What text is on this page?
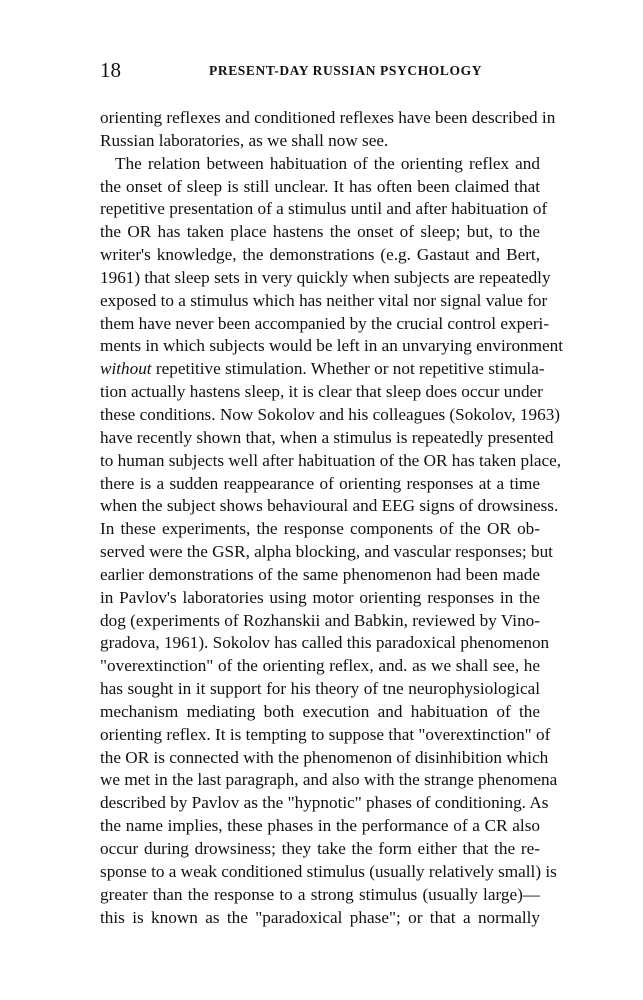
18	PRESENT-DAY RUSSIAN PSYCHOLOGY
orienting reflexes and conditioned reflexes have been described in
Russian laboratories, as we shall now see.
The relation between habituation of the orienting reflex and
the onset of sleep is still unclear. It has often been claimed that
repetitive presentation of a stimulus until and after habituation of
the OR has taken place hastens the onset of sleep; but, to the
writer's knowledge, the demonstrations (e.g. Gastaut and Bert,
1961) that sleep sets in very quickly when subjects are repeatedly
exposed to a stimulus which has neither vital nor signal value for
them have never been accompanied by the crucial control experi-
ments in which subjects would be left in an unvarying environment
without repetitive stimulation. Whether or not repetitive stimula-
tion actually hastens sleep, it is clear that sleep does occur under
these conditions. Now Sokolov and his colleagues (Sokolov, 1963)
have recently shown that, when a stimulus is repeatedly presented
to human subjects well after habituation of the OR has taken place,
there is a sudden reappearance of orienting responses at a time
when the subject shows behavioural and EEG signs of drowsiness.
In these experiments, the response components of the OR ob-
served were the GSR, alpha blocking, and vascular responses; but
earlier demonstrations of the same phenomenon had been made
in Pavlov's laboratories using motor orienting responses in the
dog (experiments of Rozhanskii and Babkin, reviewed by Vino-
gradova, 1961). Sokolov has called this paradoxical phenomenon
"overextinction" of the orienting reflex, and. as we shall see, he
has sought in it support for his theory of tne neurophysiological
mechanism mediating both execution and habituation of the
orienting reflex. It is tempting to suppose that "overextinction" of
the OR is connected with the phenomenon of disinhibition which
we met in the last paragraph, and also with the strange phenomena
described by Pavlov as the "hypnotic" phases of conditioning. As
the name implies, these phases in the performance of a CR also
occur during drowsiness; they take the form either that the re-
sponse to a weak conditioned stimulus (usually relatively small) is
greater than the response to a strong stimulus (usually large)—
this is known as the "paradoxical phase"; or that a normally
